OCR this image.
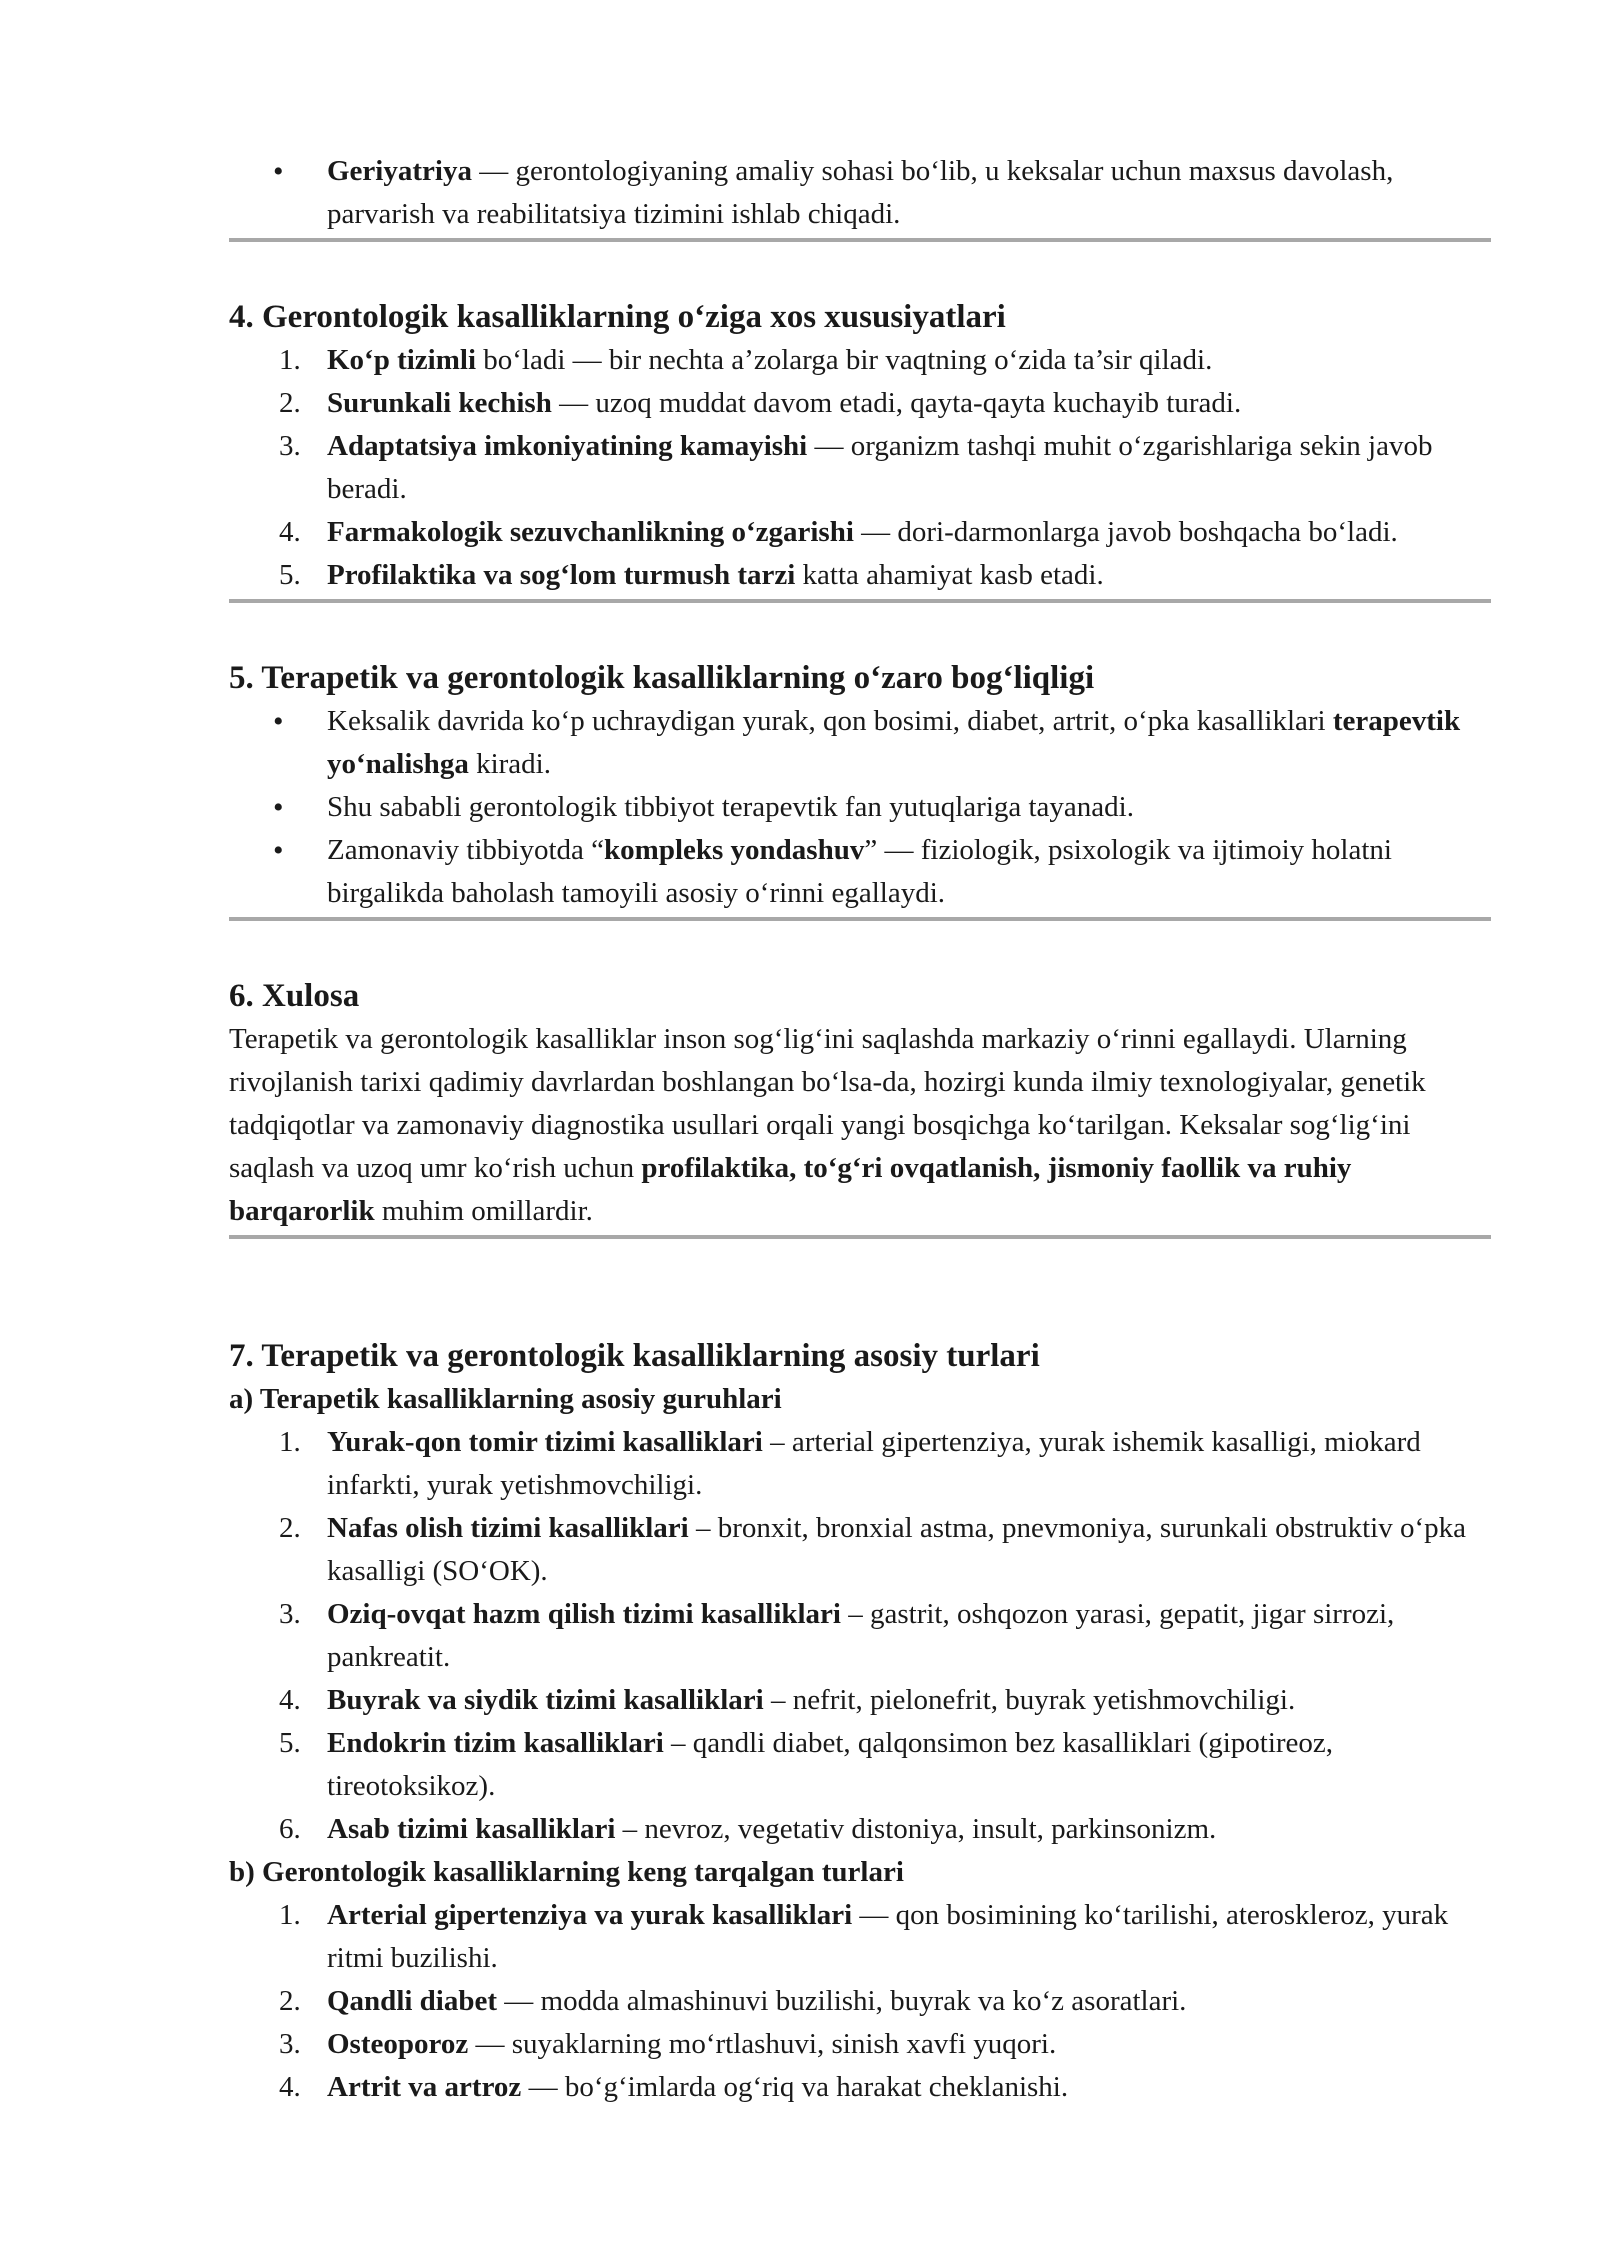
• Geriyatriya — gerontologiyaning amaliy sohasi bo‘lib, u keksalar uchun maxsus davolash, parvarish va reabilitatsiya tizimini ishlab chiqadi.
4. Gerontologik kasalliklarning o‘ziga xos xususiyatlari
1. Ko‘p tizimli bo‘ladi — bir nechta a’zolarga bir vaqtning o‘zida ta’sir qiladi.
2. Surunkali kechish — uzoq muddat davom etadi, qayta-qayta kuchayib turadi.
3. Adaptatsiya imkoniyatining kamayishi — organizm tashqi muhit o‘zgarishlariga sekin javob beradi.
4. Farmakologik sezuvchanlikning o‘zgarishi — dori-darmonlarga javob boshqacha bo‘ladi.
5. Profilaktika va sog‘lom turmush tarzi katta ahamiyat kasb etadi.
5. Terapetik va gerontologik kasalliklarning o‘zaro bog‘liqligi
• Keksalik davrida ko‘p uchraydigan yurak, qon bosimi, diabet, artrit, o‘pka kasalliklari terapevtik yo‘nalishga kiradi.
• Shu sababli gerontologik tibbiyot terapevtik fan yutuqlariga tayanadi.
• Zamonaviy tibbiyotda “kompleks yondashuv” — fiziologik, psixologik va ijtimoiy holatni birgalikda baholash tamoyili asosiy o‘rinni egallaydi.
6. Xulosa

Terapetik va gerontologik kasalliklar inson sog‘lig‘ini saqlashda markaziy o‘rinni egallaydi. Ularning rivojlanish tarixi qadimiy davrlardan boshlangan bo‘lsa-da, hozirgi kunda ilmiy texnologiyalar, genetik tadqiqotlar va zamonaviy diagnostika usullari orqali yangi bosqichga ko‘tarilgan. Keksalar sog‘lig‘ini saqlash va uzoq umr ko‘rish uchun profilaktika, to‘g‘ri ovqatlanish, jismoniy faollik va ruhiy barqarorlik muhim omillardir.

7. Terapetik va gerontologik kasalliklarning asosiy turlari
a) Terapetik kasalliklarning asosiy guruhlari
1. Yurak-qon tomir tizimi kasalliklari – arterial gipertenziya, yurak ishemik kasalligi, miokard infarkti, yurak yetishmovchiligi.
2. Nafas olish tizimi kasalliklari – bronxit, bronxial astma, pnevmoniya, surunkali obstruktiv o‘pka kasalligi (SO‘OK).
3. Oziq-ovqat hazm qilish tizimi kasalliklari – gastrit, oshqozon yarasi, gepatit, jigar sirrozi, pankreatit.
4. Buyrak va siydik tizimi kasalliklari – nefrit, pielonefrit, buyrak yetishmovchiligi.
5. Endokrin tizim kasalliklari – qandli diabet, qalqonsimon bez kasalliklari (gipotireoz, tireotoksikoz).
6. Asab tizimi kasalliklari – nevroz, vegetativ distoniya, insult, parkinsonizm.
b) Gerontologik kasalliklarning keng tarqalgan turlari
1. Arterial gipertenziya va yurak kasalliklari — qon bosimining ko‘tarilishi, ateroskleroz, yurak ritmi buzilishi.
2. Qandli diabet — modda almashinuvi buzilishi, buyrak va ko‘z asoratlari.
3. Osteoporoz — suyaklarning mo‘rtlashuvi, sinish xavfi yuqori.
4. Artrit va artroz — bo‘g‘imlarda og‘riq va harakat cheklanishi.
